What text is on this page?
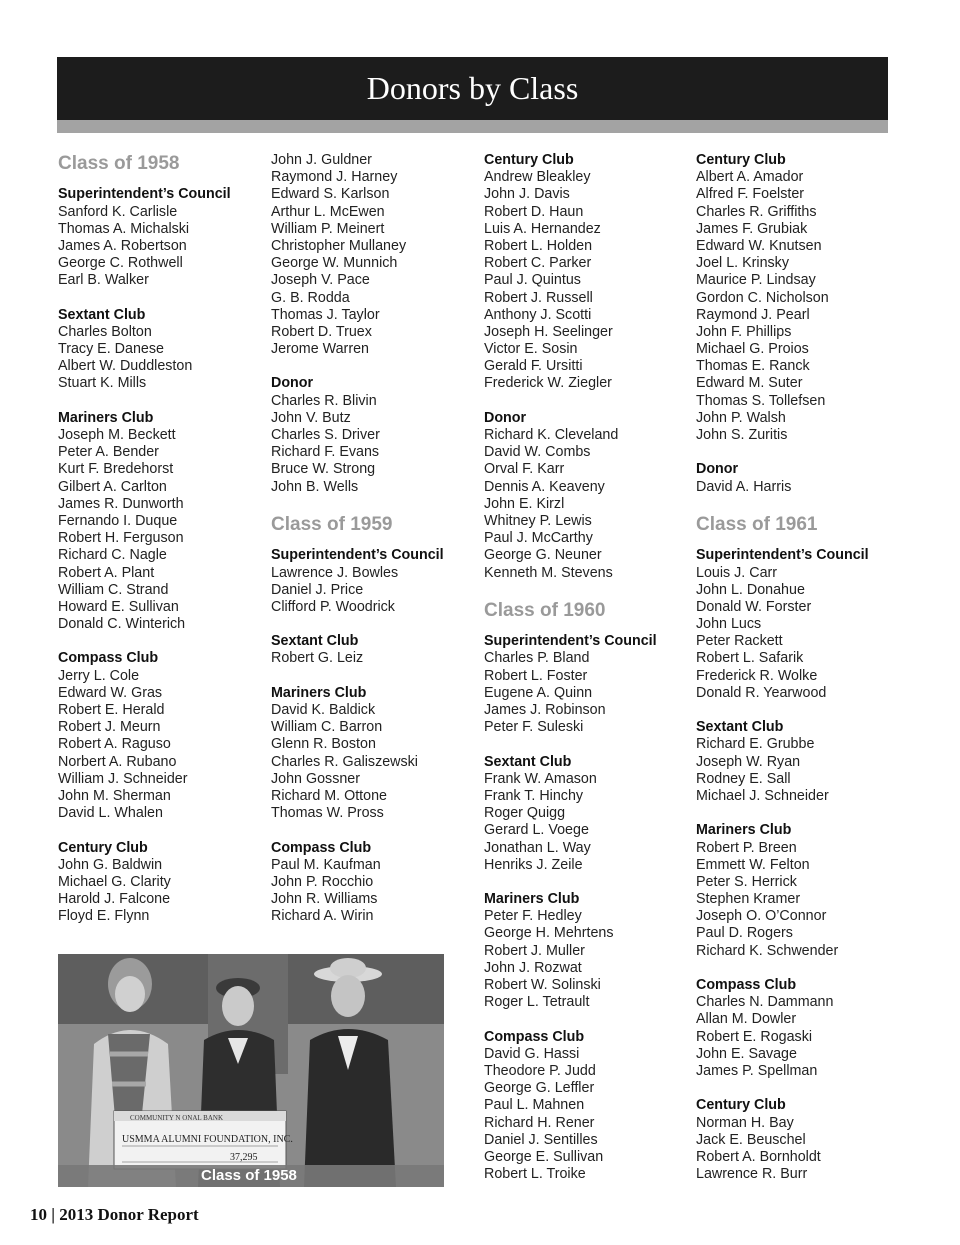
Donors by Class
Class of 1958
Superintendent’s Council
Sanford K. Carlisle
Thomas A. Michalski
James A. Robertson
George C. Rothwell
Earl B. Walker
Sextant Club
Charles Bolton
Tracy E. Danese
Albert W. Duddleston
Stuart K. Mills
Mariners Club
Joseph M. Beckett
Peter A. Bender
Kurt F. Bredehorst
Gilbert A. Carlton
James R. Dunworth
Fernando I. Duque
Robert H. Ferguson
Richard C. Nagle
Robert A. Plant
William C. Strand
Howard E. Sullivan
Donald C. Winterich
Compass Club
Jerry L. Cole
Edward W. Gras
Robert E. Herald
Robert J. Meurn
Robert A. Raguso
Norbert A. Rubano
William J. Schneider
John M. Sherman
David L. Whalen
Century Club
John G. Baldwin
Michael G. Clarity
Harold J. Falcone
Floyd E. Flynn
John J. Guldner
Raymond J. Harney
Edward S. Karlson
Arthur L. McEwen
William P. Meinert
Christopher Mullaney
George W. Munnich
Joseph V. Pace
G. B. Rodda
Thomas J. Taylor
Robert D. Truex
Jerome Warren
Donor
Charles R. Blivin
John V. Butz
Charles S. Driver
Richard F. Evans
Bruce W. Strong
John B. Wells
Class of 1959
Superintendent’s Council
Lawrence J. Bowles
Daniel J. Price
Clifford P. Woodrick
Sextant Club
Robert G. Leiz
Mariners Club
David K. Baldick
William C. Barron
Glenn R. Boston
Charles R. Galiszewski
John Gossner
Richard M. Ottone
Thomas W. Pross
Compass Club
Paul M. Kaufman
John P. Rocchio
John R. Williams
Richard A. Wirin
Century Club
Andrew Bleakley
John J. Davis
Robert D. Haun
Luis A. Hernandez
Robert L. Holden
Robert C. Parker
Paul J. Quintus
Robert J. Russell
Anthony J. Scotti
Joseph H. Seelinger
Victor E. Sosin
Gerald F. Ursitti
Frederick W. Ziegler
Donor
Richard K. Cleveland
David W. Combs
Orval F. Karr
Dennis A. Keaveny
John E. Kirzl
Whitney P. Lewis
Paul J. McCarthy
George G. Neuner
Kenneth M. Stevens
Class of 1960
Superintendent’s Council
Charles P. Bland
Robert L. Foster
Eugene A. Quinn
James J. Robinson
Peter F. Suleski
Sextant Club
Frank W. Amason
Frank T. Hinchy
Roger Quigg
Gerard L. Voege
Jonathan L. Way
Henriks J. Zeile
Mariners Club
Peter F. Hedley
George H. Mehrtens
Robert J. Muller
John J. Rozwat
Robert W. Solinski
Roger L. Tetrault
Compass Club
David G. Hassi
Theodore P. Judd
George G. Leffler
Paul L. Mahnen
Richard H. Rener
Daniel J. Sentilles
George E. Sullivan
Robert L. Troike
Century Club
Albert A. Amador
Alfred F. Foelster
Charles R. Griffiths
James F. Grubiak
Edward W. Knutsen
Joel L. Krinsky
Maurice P. Lindsay
Gordon C. Nicholson
Raymond J. Pearl
John F. Phillips
Michael G. Proios
Thomas E. Ranck
Edward M. Suter
Thomas S. Tollefsen
John P. Walsh
John S. Zuritis
Donor
David A. Harris
Class of 1961
Superintendent’s Council
Louis J. Carr
John L. Donahue
Donald W. Forster
John Lucs
Peter Rackett
Robert L. Safarik
Frederick R. Wolke
Donald R. Yearwood
Sextant Club
Richard E. Grubbe
Joseph W. Ryan
Rodney E. Sall
Michael J. Schneider
Mariners Club
Robert P. Breen
Emmett W. Felton
Peter S. Herrick
Stephen Kramer
Joseph O. O’Connor
Paul D. Rogers
Richard K. Schwender
Compass Club
Charles N. Dammann
Allan M. Dowler
Robert E. Rogaski
John E. Savage
James P. Spellman
Century Club
Norman H. Bay
Jack E. Beuschel
Robert A. Bornholdt
Lawrence R. Burr
COMMUNITY N ONAL BANK
USMMA ALUMNI FOUNDATION, INC.
37,295
Class of 1958
10 | 2013 Donor Report
